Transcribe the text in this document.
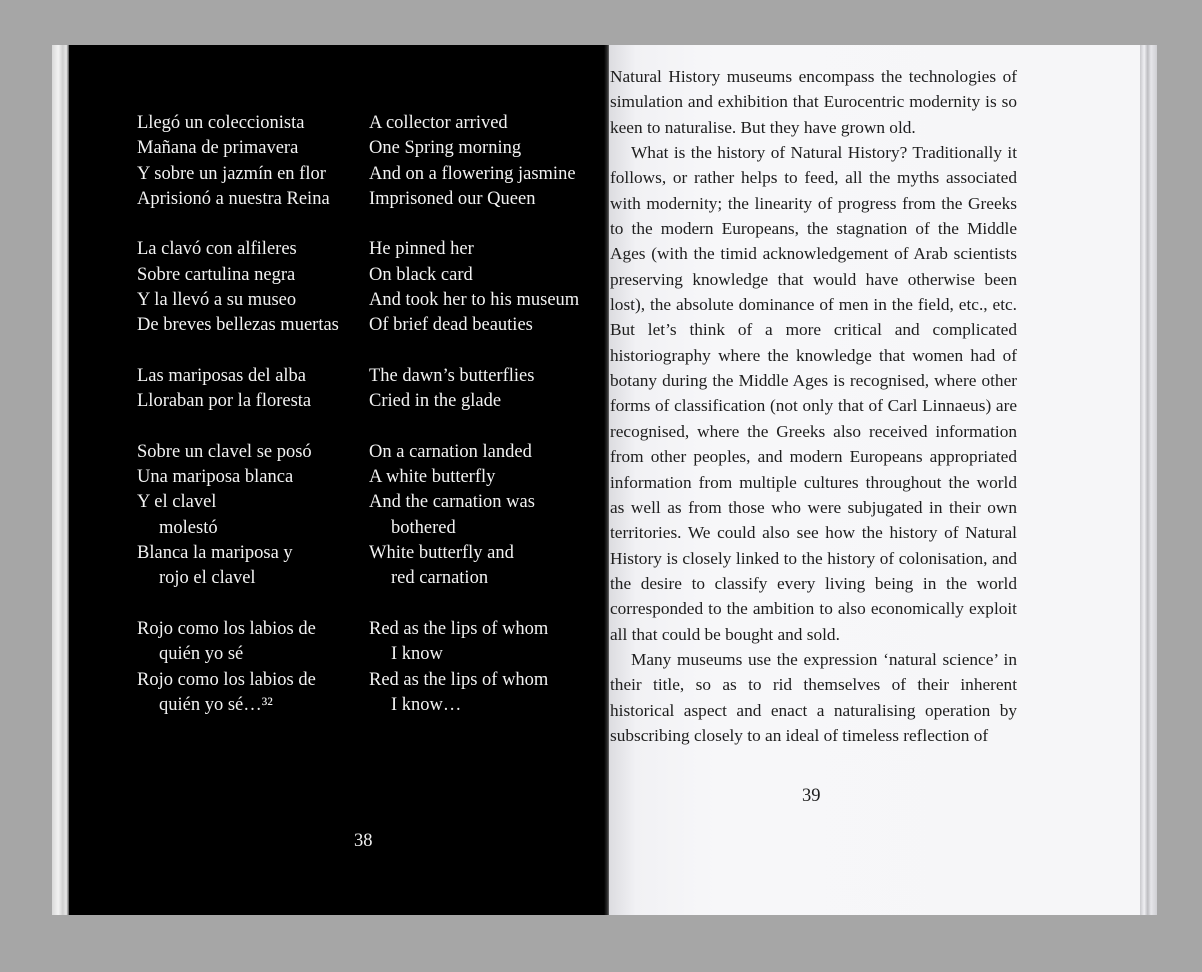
Llegó un coleccionista
Mañana de primavera
Y sobre un jazmín en flor
Aprisionó a nuestra Reina
La clavó con alfileres
Sobre cartulina negra
Y la llevó a su museo
De breves bellezas muertas
Las mariposas del alba
Lloraban por la floresta
Sobre un clavel se posó
Una mariposa blanca
Y el clavel
molestó
Blanca la mariposa y
rojo el clavel
Rojo como los labios de
quién yo sé
Rojo como los labios de
quién yo sé…³²
A collector arrived
One Spring morning
And on a flowering jasmine
Imprisoned our Queen
He pinned her
On black card
And took her to his museum
Of brief dead beauties
The dawn’s butterflies
Cried in the glade
On a carnation landed
A white butterfly
And the carnation was
bothered
White butterfly and
red carnation
Red as the lips of whom
I know
Red as the lips of whom
I know…
38

Natural History museums encompass the technologies of simulation and exhibition that Eurocentric modernity is so keen to naturalise. But they have grown old.

What is the history of Natural History? Traditionally it follows, or rather helps to feed, all the myths associated with modernity; the linearity of progress from the Greeks to the modern Europeans, the stagnation of the Middle Ages (with the timid acknowledgement of Arab scientists preserving knowledge that would have otherwise been lost), the absolute dominance of men in the field, etc., etc. But let’s think of a more critical and complicated historiography where the knowledge that women had of botany during the Middle Ages is recognised, where other forms of classification (not only that of Carl Linnaeus) are recognised, where the Greeks also received information from other peoples, and modern Europeans appropriated information from multiple cultures throughout the world as well as from those who were subjugated in their own territories. We could also see how the history of Natural History is closely linked to the history of colonisation, and the desire to classify every living being in the world corresponded to the ambition to also economically exploit all that could be bought and sold.

Many museums use the expression ‘natural science’ in their title, so as to rid themselves of their inherent historical aspect and enact a naturalising operation by subscribing closely to an ideal of timeless reflection of

39
